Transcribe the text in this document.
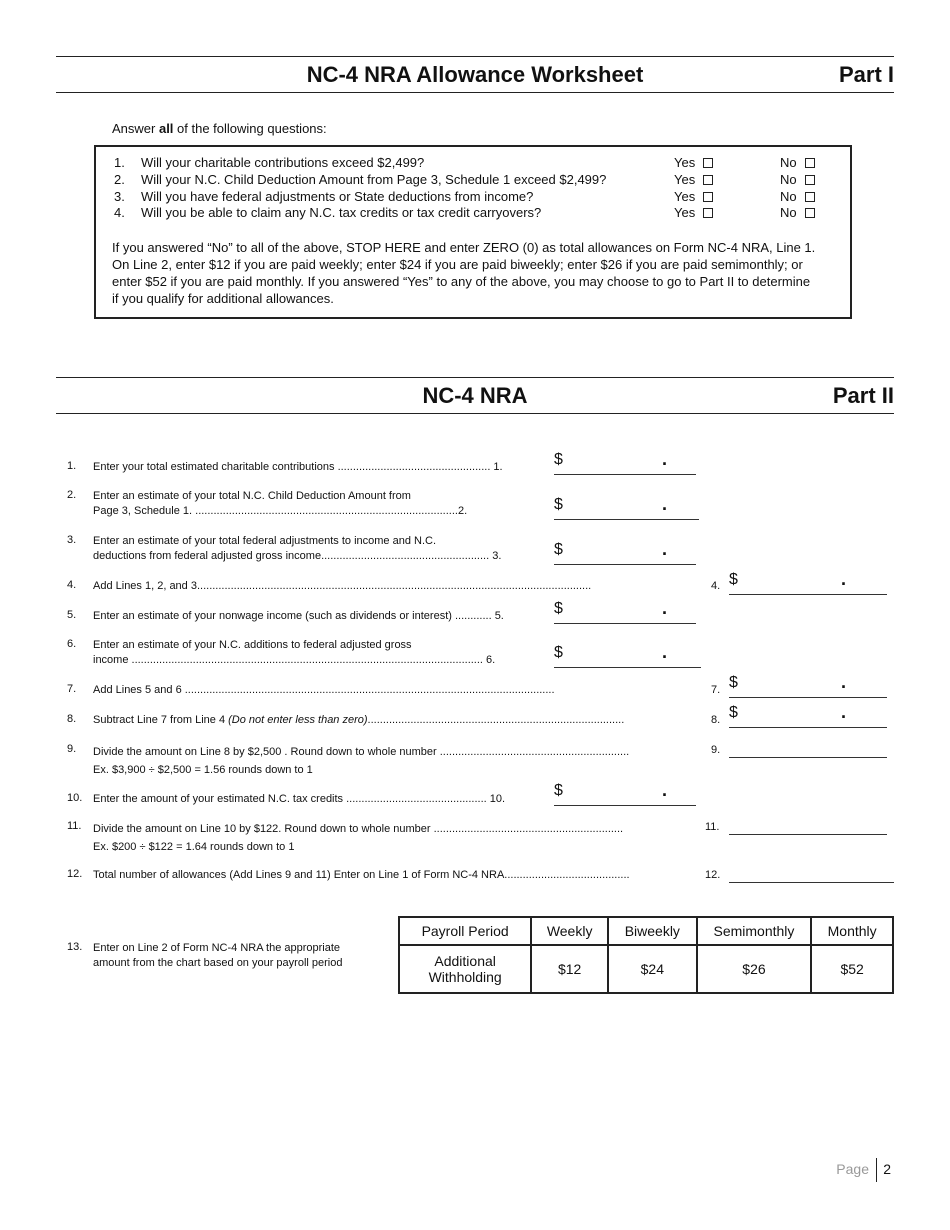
NC-4 NRA Allowance Worksheet	Part I
Answer all of the following questions:
1. Will your charitable contributions exceed $2,499?	Yes	No
2. Will your N.C. Child Deduction Amount from Page 3, Schedule 1 exceed $2,499?	Yes	No
3. Will you have federal adjustments or State deductions from income?	Yes	No
4. Will you be able to claim any N.C. tax credits or tax credit carryovers?	Yes	No
If you answered “No” to all of the above, STOP HERE and enter ZERO (0) as total allowances on Form NC-4 NRA, Line 1.
On Line 2, enter $12 if you are paid weekly; enter $24 if you are paid biweekly; enter $26 if you are paid semimonthly; or
enter $52 if you are paid monthly. If you answered “Yes” to any of the above, you may choose to go to Part II to determine
if you qualify for additional allowances.
NC-4 NRA	Part II
1. Enter your total estimated charitable contributions .................................................. 1.	$	.
2. Enter an estimate of your total N.C. Child Deduction Amount from
Page 3, Schedule 1. ......................................................................................2.	$	.
3. Enter an estimate of your total federal adjustments to income and N.C.
deductions from federal adjusted gross income....................................................... 3.	$	.
4. Add Lines 1, 2, and 3.................................................................................................................................	4. $	.
5. Enter an estimate of your nonwage income (such as dividends or interest) ............ 5.	$	.
6. Enter an estimate of your N.C. additions to federal adjusted gross
income ................................................................................................................... 6.	$	.
7. Add Lines 5 and 6 .........................................................................................................................	7. $	.
8. Subtract Line 7 from Line 4 (Do not enter less than zero)....................................................................................	8. $	.
9. Divide the amount on Line 8 by $2,500 . Round down to whole number ..............................................................
Ex. $3,900 ÷ $2,500 = 1.56 rounds down to 1
9.
10. Enter the amount of your estimated N.C. tax credits .............................................. 10.	$	.
11. Divide the amount on Line 10 by $122. Round down to whole number ..............................................................
Ex. $200 ÷ $122 = 1.64 rounds down to 1
11.
12. Total number of allowances (Add Lines 9 and 11) Enter on Line 1 of Form NC-4 NRA.........................................	12.
13. Enter on Line 2 of Form NC-4 NRA the appropriate
amount from the chart based on your payroll period
Payroll Period	Weekly	Biweekly	Semimonthly	Monthly
Additional
Withholding	$12	$24	$26	$52
Page 2
